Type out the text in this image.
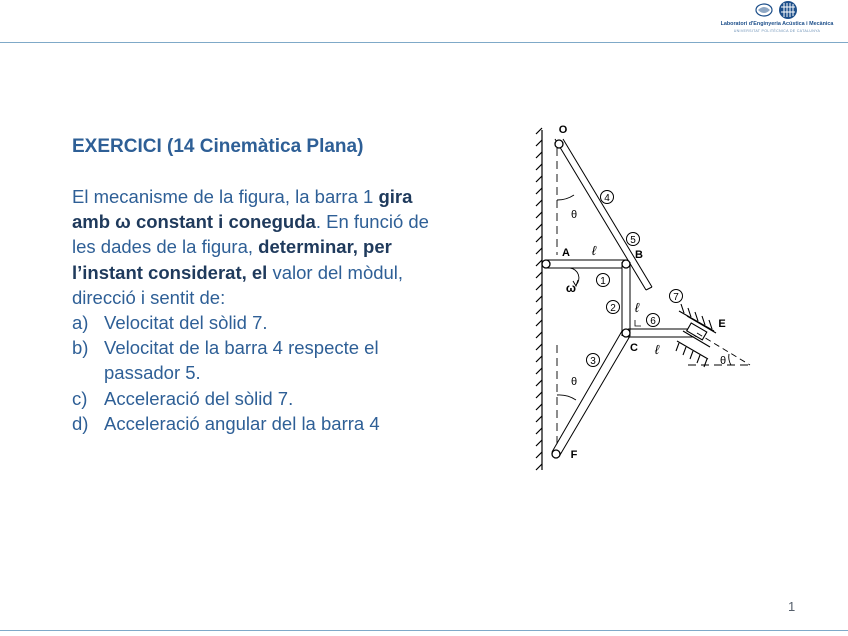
Laboratori d'Enginyeria Acústica i Mecànica
UNIVERSITAT POLITÈCNICA DE CATALUNYA
EXERCICI (14 Cinemàtica Plana)

El mecanisme de la figura, la barra 1 gira amb ω constant i coneguda. En funció de les dades de la figura, determinar, per l’instant considerat, el valor del mòdul, direcció i sentit de:

a) Velocitat del sòlid 7.
b) Velocitat de la barra 4 respecte el passador 5.
c) Acceleració del sòlid 7.
d) Acceleració angular del la barra 4
O
A	B
C
E
F
1
2
3
4
5
6
7
ℓ
ℓ
ℓ
θ
θ
θ
ω
1
